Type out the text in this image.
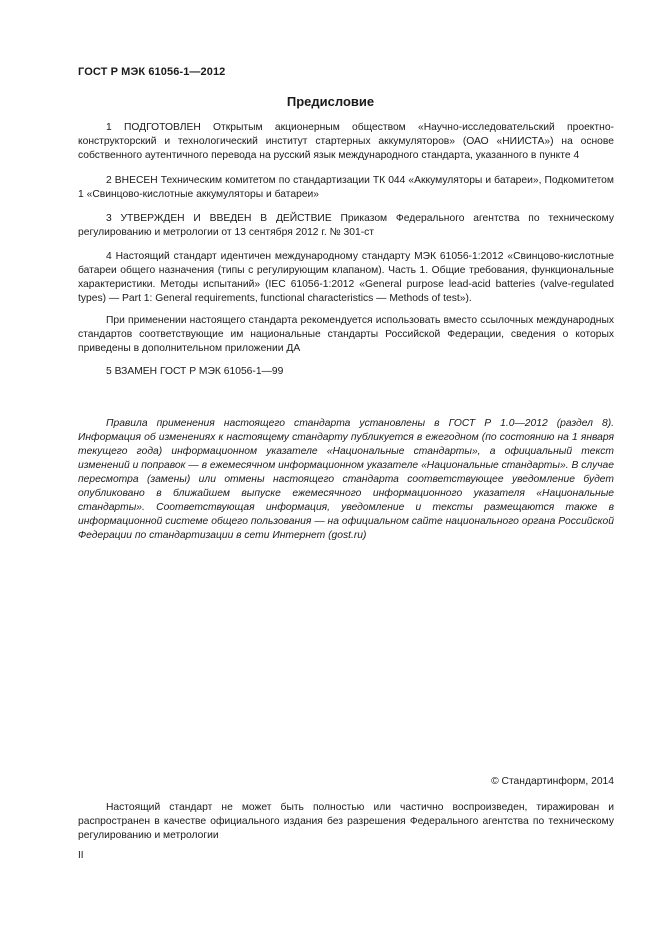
ГОСТ Р МЭК 61056-1—2012
Предисловие

1 ПОДГОТОВЛЕН Открытым акционерным обществом «Научно-исследовательский проектно-конструкторский и технологический институт стартерных аккумуляторов» (ОАО «НИИСТА») на основе собственного аутентичного перевода на русский язык международного стандарта, указанного в пункте 4

2 ВНЕСЕН Техническим комитетом по стандартизации ТК 044 «Аккумуляторы и батареи», Подкомитетом 1 «Свинцово-кислотные аккумуляторы и батареи»

3 УТВЕРЖДЕН И ВВЕДЕН В ДЕЙСТВИЕ Приказом Федерального агентства по техническому регулированию и метрологии от 13 сентября 2012 г. № 301-ст

4 Настоящий стандарт идентичен международному стандарту МЭК 61056-1:2012 «Свинцово-кислотные батареи общего назначения (типы с регулирующим клапаном). Часть 1. Общие требования, функциональные характеристики. Методы испытаний» (IEC 61056-1:2012 «General purpose lead-acid batteries (valve-regulated types) — Part 1: General requirements, functional characteristics — Methods of test»).

При применении настоящего стандарта рекомендуется использовать вместо ссылочных международных стандартов соответствующие им национальные стандарты Российской Федерации, сведения о которых приведены в дополнительном приложении ДА

5 ВЗАМЕН ГОСТ Р МЭК 61056-1—99

Правила применения настоящего стандарта установлены в ГОСТ Р 1.0—2012 (раздел 8). Информация об изменениях к настоящему стандарту публикуется в ежегодном (по состоянию на 1 января текущего года) информационном указателе «Национальные стандарты», а официальный текст изменений и поправок — в ежемесячном информационном указателе «Национальные стандарты». В случае пересмотра (замены) или отмены настоящего стандарта соответствующее уведомление будет опубликовано в ближайшем выпуске ежемесячного информационного указателя «Национальные стандарты». Соответствующая информация, уведомление и тексты размещаются также в информационной системе общего пользования — на официальном сайте национального органа Российской Федерации по стандартизации в сети Интернет (gost.ru)

© Стандартинформ, 2014

Настоящий стандарт не может быть полностью или частично воспроизведен, тиражирован и распространен в качестве официального издания без разрешения Федерального агентства по техническому регулированию и метрологии

II
